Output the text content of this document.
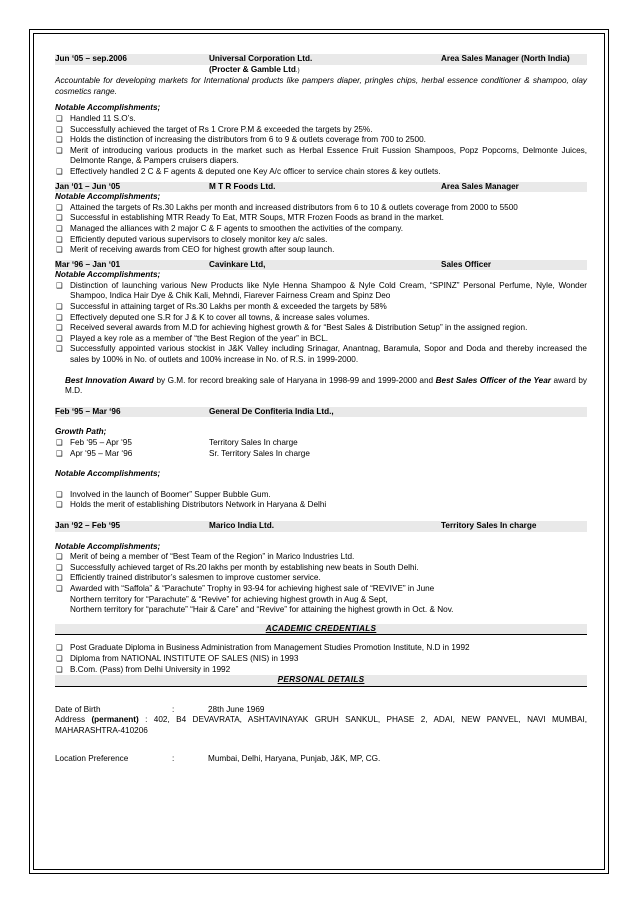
Jun ‘05 – sep.2006	Universal Corporation Ltd.	Area Sales Manager (North India)
(Procter & Gamble Ltd.)
Accountable for developing markets for International products like pampers diaper, pringles chips, herbal essence conditioner & shampoo, olay cosmetics range.
Notable Accomplishments;
❑ Handled 11 S.O’s.
❑ Successfully achieved the target of Rs 1 Crore P.M & exceeded the targets by 25%.
❑ Holds the distinction of increasing the distributors from 6 to 9 & outlets coverage from 700 to 2500.
❑ Merit of introducing various products in the market such as Herbal Essence Fruit Fussion Shampoos, Popz Popcorns, Delmonte Juices, Delmonte Range, & Pampers cruisers diapers.
❑ Effectively handled 2 C & F agents & deputed one Key A/c officer to service chain stores & key outlets.
Jan ‘01 – Jun ‘05	M T R Foods Ltd.	Area Sales Manager
Notable Accomplishments;
❑ Attained the targets of Rs.30 Lakhs per month and increased distributors from 6 to 10 & outlets coverage from 2000 to 5500
❑ Successful in establishing MTR Ready To Eat, MTR Soups, MTR Frozen Foods as brand in the market.
❑ Managed the alliances with 2 major C & F agents to smoothen the activities of the company.
❑ Efficiently deputed various supervisors to closely monitor key a/c sales.
❑ Merit of receiving awards from CEO for highest growth after soup launch.
Mar ‘96 – Jan ‘01	Cavinkare Ltd,	Sales Officer
Notable Accomplishments;
❑ Distinction of launching various New Products like Nyle Henna Shampoo & Nyle Cold Cream, “SPINZ” Personal Perfume, Nyle, Wonder Shampoo, Indica Hair Dye & Chik Kali, Mehndi, Fiarever Fairness Cream and Spinz Deo
❑ Successful in attaining target of Rs.30 Lakhs per month & exceeded the targets by 58%
❑ Effectively deputed one S.R for J & K to cover all towns, & increase sales volumes.
❑ Received several awards from M.D for achieving highest growth & for “Best Sales & Distribution Setup” in the assigned region.
❑ Played a key role as a member of “the Best Region of the year” in BCL.
❑ Successfully appointed various stockist in J&K Valley including Srinagar, Anantnag, Baramula, Sopor and Doda and thereby increased the sales by 100% in No. of outlets and 100% increase in No. of R.S. in 1999-2000.
Best Innovation Award by G.M. for record breaking sale of Haryana in 1998-99 and 1999-2000 and Best Sales Officer of the Year award by M.D.
Feb ‘95 – Mar ‘96	General De Confiteria India Ltd.,
Growth Path;
❑ Feb ‘95 – Apr ‘95	Territory Sales In charge
❑ Apr ‘95 – Mar ‘96	Sr. Territory Sales In charge
Notable Accomplishments;
❑ Involved in the launch of Boomer” Supper Bubble Gum.
❑ Holds the merit of establishing Distributors Network in Haryana & Delhi
Jan ‘92 – Feb ‘95	Marico India Ltd.	Territory Sales In charge
Notable Accomplishments;
❑ Merit of being a member of “Best Team of the Region” in Marico Industries Ltd.
❑ Successfully achieved target of Rs.20 lakhs per month by establishing new beats in South Delhi.
❑ Efficiently trained distributor’s salesmen to improve customer service.
❑ Awarded with “Saffola” & “Parachute” Trophy in 93-94 for achieving highest sale of “REVIVE” in June
Northern territory for “Parachute” & “Revive” for achieving highest growth in Aug & Sept,
Northern territory for “parachute” “Hair & Care” and “Revive” for attaining the highest growth in Oct. & Nov.
ACADEMIC CREDENTIALS
❑ Post Graduate Diploma in Business Administration from Management Studies Promotion Institute, N.D in 1992
❑ Diploma from NATIONAL INSTITUTE OF SALES (NIS) in 1993
❑ B.Com. (Pass) from Delhi University in 1992
PERSONAL DETAILS
Date of Birth	:	28th June 1969
Address (permanent) : 402, B4 DEVAVRATA, ASHTAVINAYAK GRUH SANKUL, PHASE 2, ADAI, NEW PANVEL, NAVI MUMBAI, MAHARASHTRA-410206
Location Preference	:	Mumbai, Delhi, Haryana, Punjab, J&K, MP, CG.
